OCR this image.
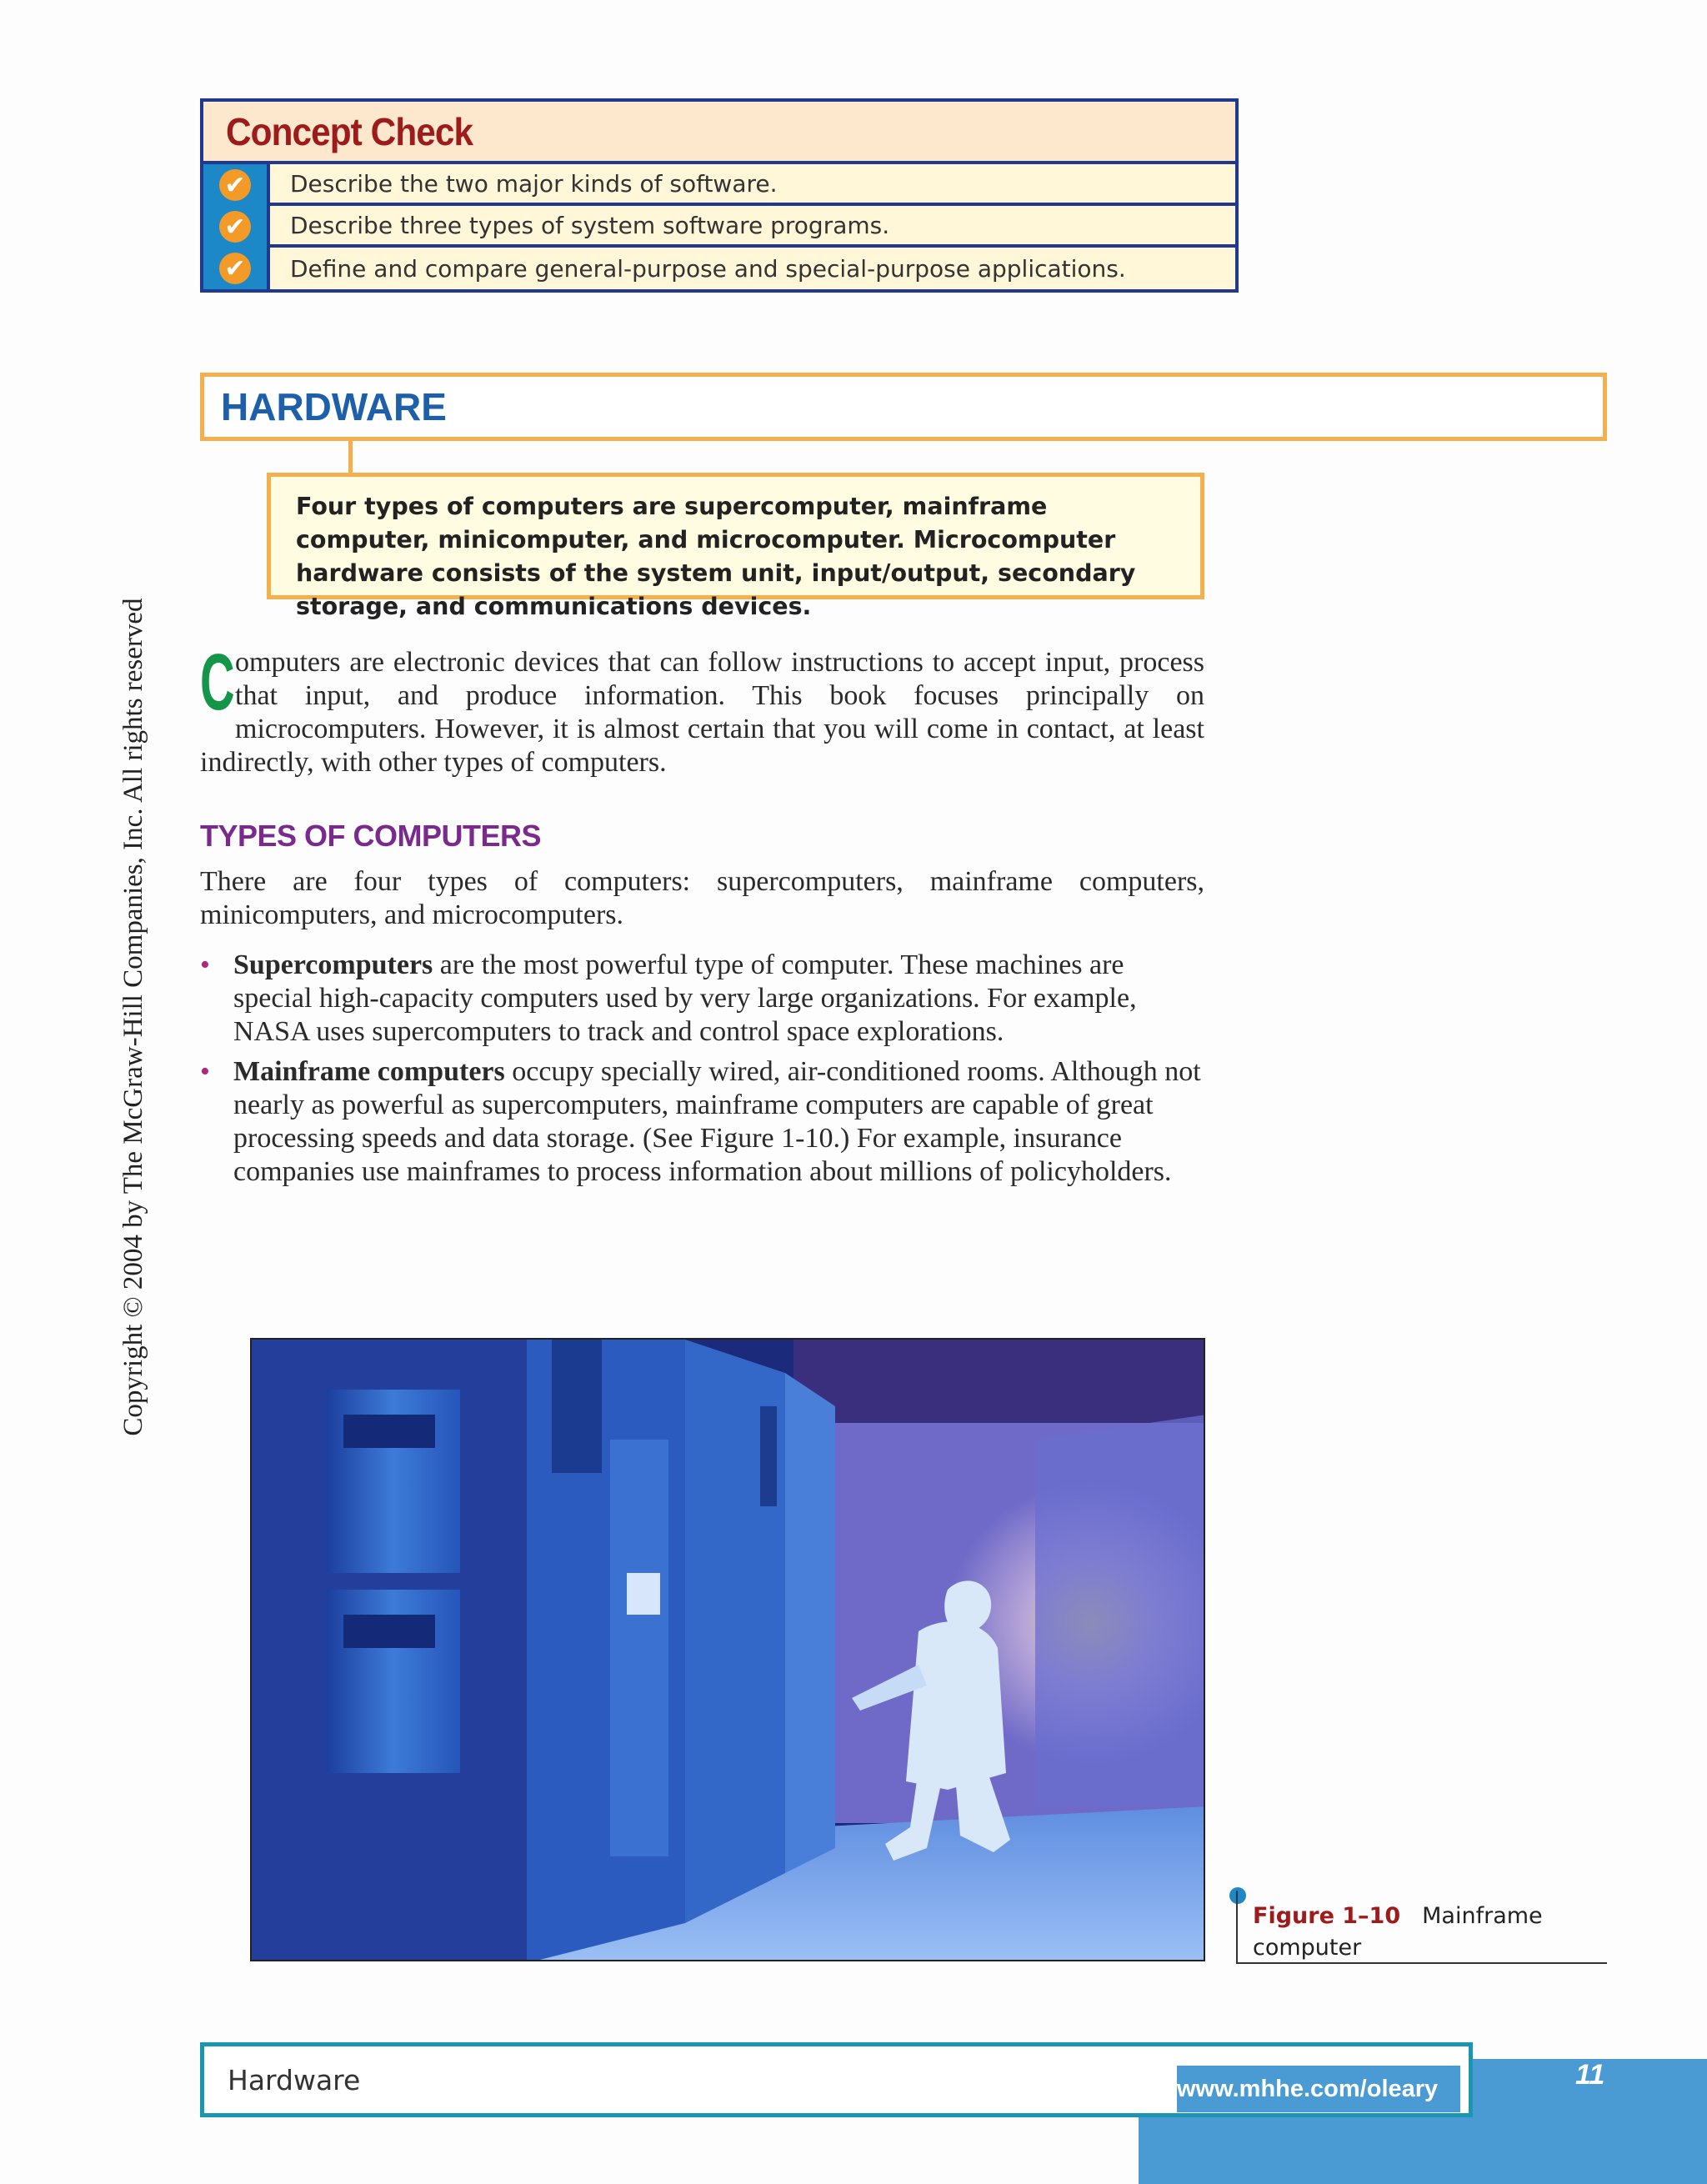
Copyright © 2004 by The McGraw-Hill Companies, Inc. All rights reserved
Concept Check
✔
✔
✔
Describe the two major kinds of software.
Describe three types of system software programs.
Define and compare general-purpose and special-purpose applications.
HARDWARE
Four types of computers are supercomputer, mainframe computer, minicomputer, and microcomputer. Microcomputer hardware consists of the system unit, input/output, secondary storage, and communications devices.
Computers are electronic devices that can follow instructions to accept input, process that input, and produce information. This book focuses principally on microcomputers. However, it is almost certain that you will come in contact, at least indirectly, with other types of computers.
TYPES OF COMPUTERS
There are four types of computers: supercomputers, mainframe computers, minicomputers, and microcomputers.
• Supercomputers are the most powerful type of computer. These machines are special high-capacity computers used by very large organizations. For example, NASA uses supercomputers to track and control space explorations.
• Mainframe computers occupy specially wired, air-conditioned rooms. Although not nearly as powerful as supercomputers, mainframe computers are capable of great processing speeds and data storage. (See Figure 1-10.) For example, insurance companies use mainframes to process information about millions of policyholders.
Figure 1–10 Mainframe computer
Hardware	www.mhhe.com/oleary	11
